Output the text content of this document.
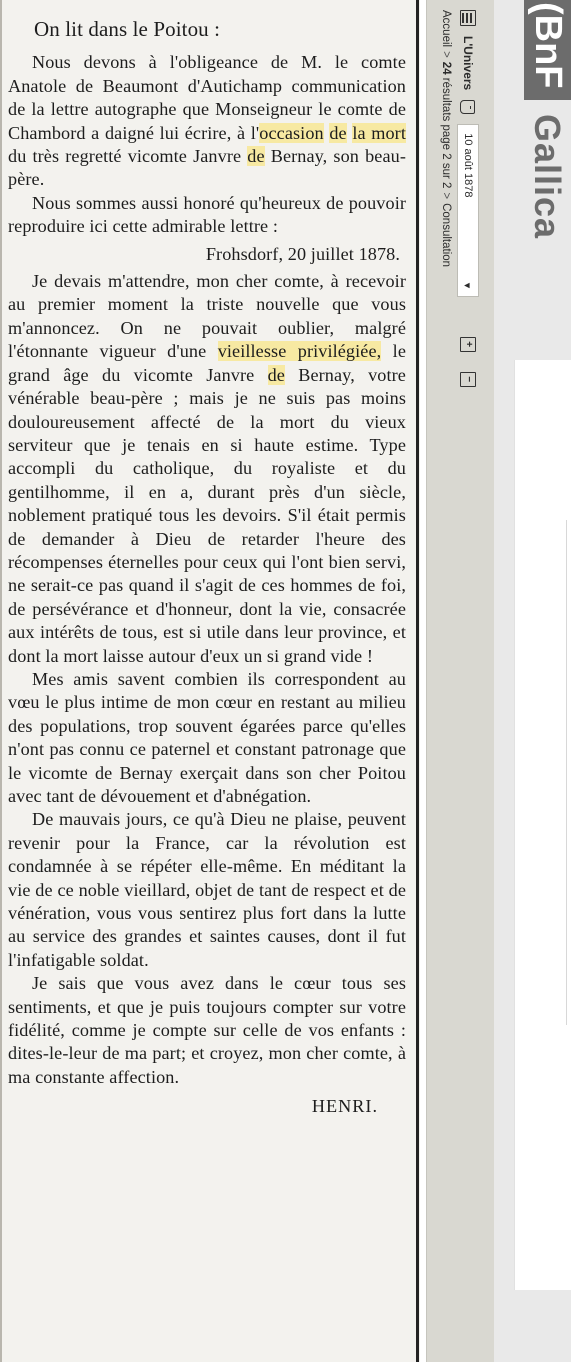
On lit dans le Poitou :

Nous devons à l'obligeance de M. le comte Anatole de Beaumont d'Autichamp communication de la lettre autographe que Monseigneur le comte de Chambord a daigné lui écrire, à l'occasion de la mort du très regretté vicomte Janvre de Bernay, son beau-père.

Nous sommes aussi honoré qu'heureux de pouvoir reproduire ici cette admirable lettre :

Frohsdorf, 20 juillet 1878.

Je devais m'attendre, mon cher comte, à recevoir au premier moment la triste nouvelle que vous m'annoncez. On ne pouvait oublier, malgré l'étonnante vigueur d'une vieillesse privilégiée, le grand âge du vicomte Janvre de Bernay, votre vénérable beau-père ; mais je ne suis pas moins douloureusement affecté de la mort du vieux serviteur que je tenais en si haute estime. Type accompli du catholique, du royaliste et du gentilhomme, il en a, durant près d'un siècle, noblement pratiqué tous les devoirs. S'il était permis de demander à Dieu de retarder l'heure des récompenses éternelles pour ceux qui l'ont bien servi, ne serait-ce pas quand il s'agit de ces hommes de foi, de persévérance et d'honneur, dont la vie, consacrée aux intérêts de tous, est si utile dans leur province, et dont la mort laisse autour d'eux un si grand vide !

Mes amis savent combien ils correspondent au vœu le plus intime de mon cœur en restant au milieu des populations, trop souvent égarées parce qu'elles n'ont pas connu ce paternel et constant patronage que le vicomte de Bernay exerçait dans son cher Poitou avec tant de dévouement et d'abnégation.

De mauvais jours, ce qu'à Dieu ne plaise, peuvent revenir pour la France, car la révolution est condamnée à se répéter elle-même. En méditant la vie de ce noble vieillard, objet de tant de respect et de vénération, vous vous sentirez plus fort dans la lutte au service des grandes et saintes causes, dont il fut l'infatigable soldat.

Je sais que vous avez dans le cœur tous ses sentiments, et que je puis toujours compter sur votre fidélité, comme je compte sur celle de vos enfants : dites-le-leur de ma part; et croyez, mon cher comte, à ma constante affection.

HENRI.

Accueil>24 résultats page 2 sur 2>Consultation
L'Univers
10 août 1878
▾
+
−
(BnF
Gallica
